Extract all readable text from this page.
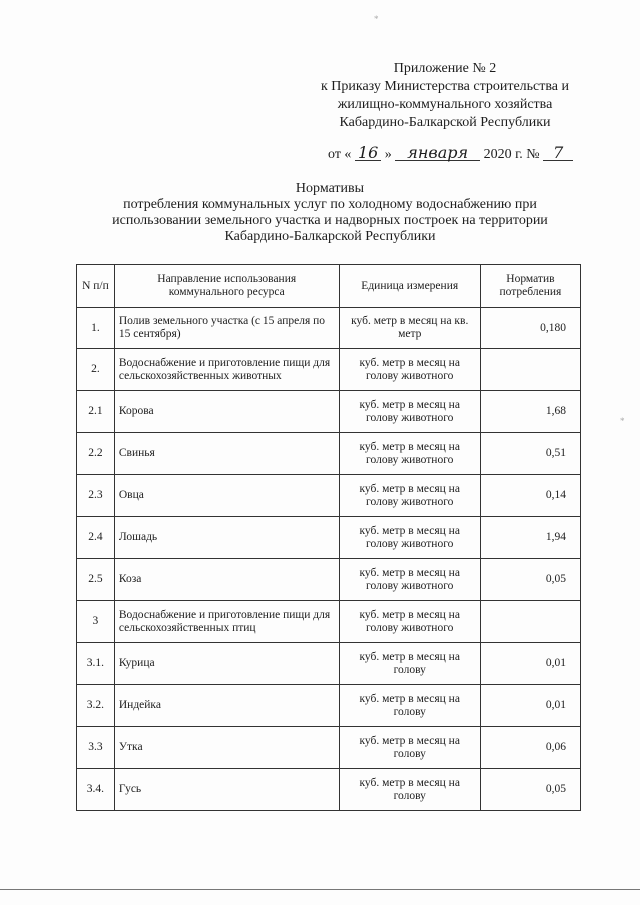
*
Приложение № 2
к Приказу Министерства строительства и
жилищно-коммунального хозяйства
Кабардино-Балкарской Республики
от « 16 » января 2020 г. № 7
Нормативы
потребления коммунальных услуг по холодному водоснабжению при
использовании земельного участка и надворных построек на территории
Кабардино-Балкарской Республики
N п/п	Направление использования коммунального ресурса	Единица измерения	Норматив потребления
1.	Полив земельного участка (с 15 апреля по 15 сентября)	куб. метр в месяц на кв. метр	0,180
2.	Водоснабжение и приготовление пищи для сельскохозяйственных животных	куб. метр в месяц на голову животного	
2.1	Корова	куб. метр в месяц на голову животного	1,68
2.2	Свинья	куб. метр в месяц на голову животного	0,51
2.3	Овца	куб. метр в месяц на голову животного	0,14
2.4	Лошадь	куб. метр в месяц на голову животного	1,94
2.5	Коза	куб. метр в месяц на голову животного	0,05
3	Водоснабжение и приготовление пищи для сельскохозяйственных птиц	куб. метр в месяц на голову животного	
3.1.	Курица	куб. метр в месяц на голову	0,01
3.2.	Индейка	куб. метр в месяц на голову	0,01
3.3	Утка	куб. метр в месяц на голову	0,06
3.4.	Гусь	куб. метр в месяц на голову	0,05
*
